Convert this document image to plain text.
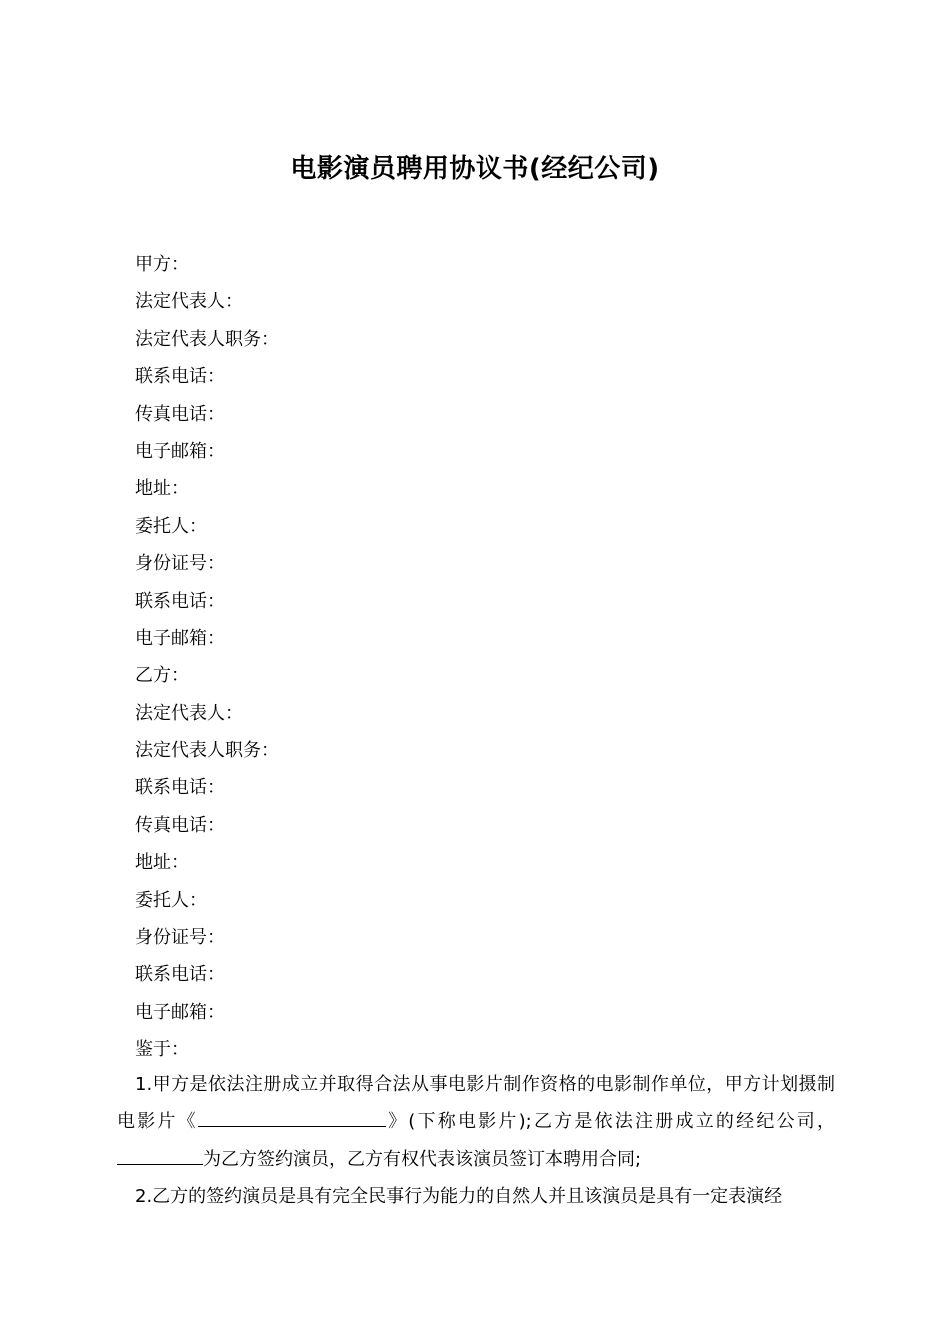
电影演员聘用协议书(经纪公司)
甲方：
法定代表人：
法定代表人职务：
联系电话：
传真电话：
电子邮箱：
地址：
委托人：
身份证号：
联系电话：
电子邮箱：
乙方：
法定代表人：
法定代表人职务：
联系电话：
传真电话：
地址：
委托人：
身份证号：
联系电话：
电子邮箱：
鉴于：

1.甲方是依法注册成立并取得合法从事电影片制作资格的电影制作单位，甲方计划摄制电影片《	》(下称电影片);乙方是依法注册成立的经纪公司，为乙方签约演员，乙方有权代表该演员签订本聘用合同;

2.乙方的签约演员是具有完全民事行为能力的自然人并且该演员是具有一定表演经
